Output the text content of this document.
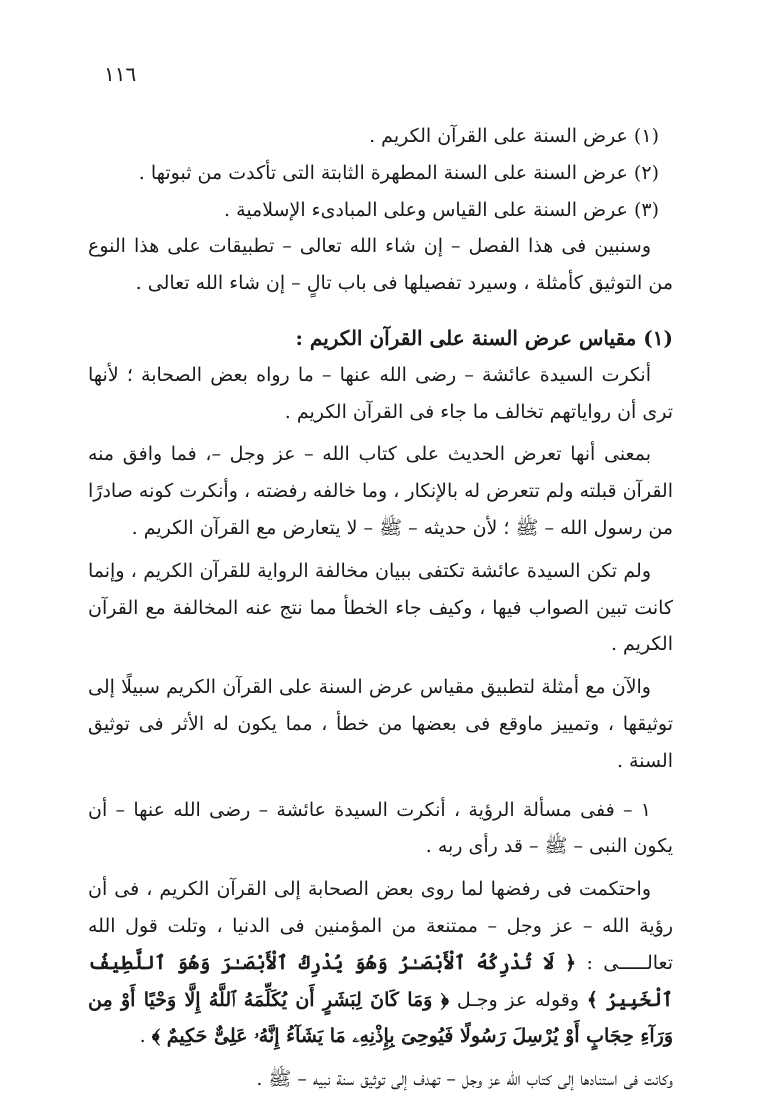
١١٦

(١) عرض السنة على القرآن الكريم .

(٢) عرض السنة على السنة المطهرة الثابتة التى تأكدت من ثبوتها .

(٣) عرض السنة على القياس وعلى المبادىء الإسلامية .

وسنبين فى هذا الفصل – إن شاء الله تعالى – تطبيقات على هذا النوع من التوثيق كأمثلة ، وسيرد تفصيلها فى باب تالٍ – إن شاء الله تعالى .

(١) مقياس عرض السنة على القرآن الكريم :

أنكرت السيدة عائشة – رضى الله عنها – ما رواه بعض الصحابة ؛ لأنها ترى أن رواياتهم تخالف ما جاء فى القرآن الكريم .

بمعنى أنها تعرض الحديث على كتاب الله – عز وجل –، فما وافق منه القرآن قبلته ولم تتعرض له بالإنكار ، وما خالفه رفضته ، وأنكرت كونه صادرًا من رسول الله – ﷺ ؛ لأن حديثه – ﷺ – لا يتعارض مع القرآن الكريم .

ولم تكن السيدة عائشة تكتفى ببيان مخالفة الرواية للقرآن الكريم ، وإنما كانت تبين الصواب فيها ، وكيف جاء الخطأ مما نتج عنه المخالفة مع القرآن الكريم .

والآن مع أمثلة لتطبيق مقياس عرض السنة على القرآن الكريم سبيلًا إلى توثيقها ، وتمييز ماوقع فى بعضها من خطأ ، مما يكون له الأثر فى توثيق السنة .

١ – ففى مسألة الرؤية ، أنكرت السيدة عائشة – رضى الله عنها – أن يكون النبى – ﷺ – قد رأى ربه .

واحتكمت فى رفضها لما روى بعض الصحابة إلى القرآن الكريم ، فى أن رؤية الله – عز وجل – ممتنعة من المؤمنين فى الدنيا ، وتلت قول الله تعالـــــى : ﴿ لَا تُدْرِكُهُ ٱلْأَبْصَـٰرُ وَهُوَ يُدْرِكُ ٱلْأَبْصَـٰرَ وَهُوَ ٱللَّطِيفُ ٱلْخَبِيرُ ﴾ وقوله عز وجـل ﴿ وَمَا كَانَ لِبَشَرٍ أَن يُكَلِّمَهُ ٱللَّهُ إِلَّا وَحْيًا أَوْ مِن وَرَآءِ حِجَابٍ أَوْ يُرْسِلَ رَسُولًا فَيُوحِىَ بِإِذْنِهِۦ مَا يَشَآءُ إِنَّهُۥ عَلِىٌّ حَكِيمٌ ﴾ .

وكانت فى استنادها إلى كتاب الله عز وجل – تهدف إلى توثيق سنة نبيه – ﷺ .
